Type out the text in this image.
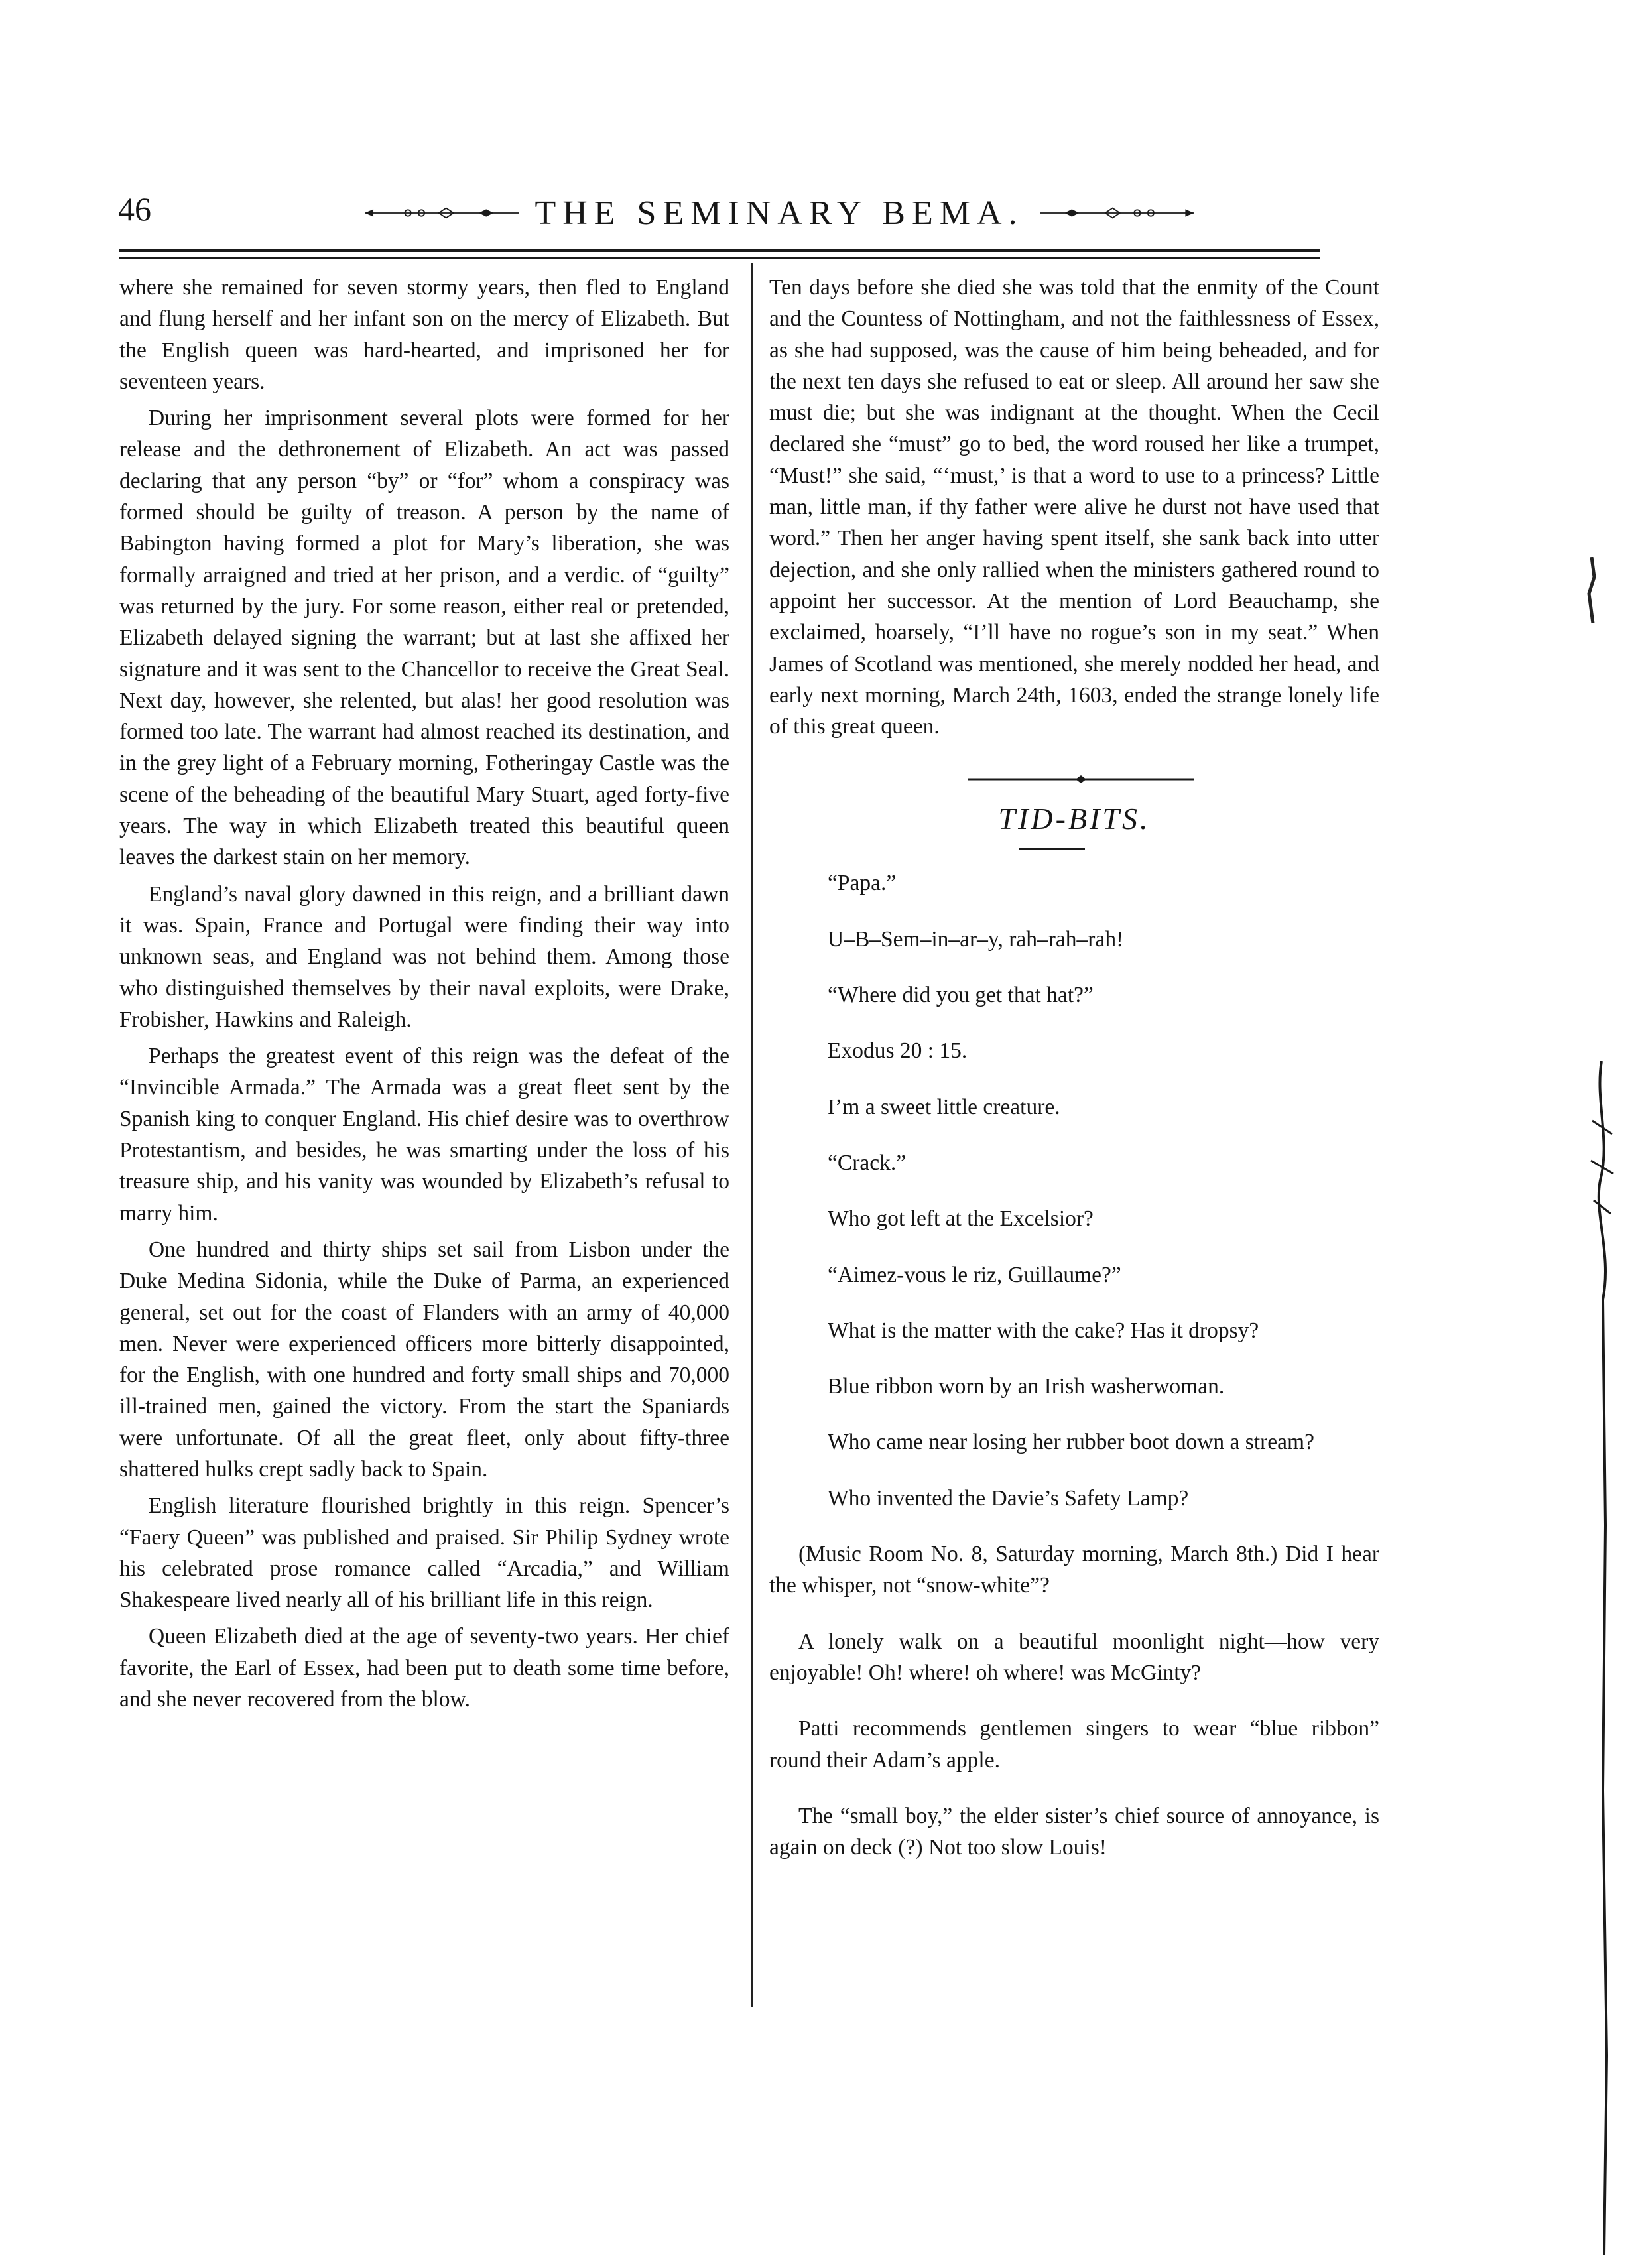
46	THE SEMINARY BEMA.

where she remained for seven stormy years, then fled to England and flung herself and her infant son on the mercy of Elizabeth. But the English queen was hard-hearted, and imprisoned her for seventeen years.

During her imprisonment several plots were formed for her release and the dethronement of Elizabeth. An act was passed declaring that any person “by” or “for” whom a conspiracy was formed should be guilty of treason. A person by the name of Babington having formed a plot for Mary’s liberation, she was formally arraigned and tried at her prison, and a verdic. of “guilty” was returned by the jury. For some reason, either real or pretended, Elizabeth delayed signing the warrant; but at last she affixed her signature and it was sent to the Chancellor to receive the Great Seal. Next day, however, she relented, but alas! her good resolution was formed too late. The warrant had almost reached its destination, and in the grey light of a February morning, Fotheringay Castle was the scene of the beheading of the beautiful Mary Stuart, aged forty-five years. The way in which Elizabeth treated this beautiful queen leaves the darkest stain on her memory.

England’s naval glory dawned in this reign, and a brilliant dawn it was. Spain, France and Portugal were finding their way into unknown seas, and England was not behind them. Among those who distinguished themselves by their naval exploits, were Drake, Frobisher, Hawkins and Raleigh.

Perhaps the greatest event of this reign was the defeat of the “Invincible Armada.” The Armada was a great fleet sent by the Spanish king to conquer England. His chief desire was to overthrow Protestantism, and besides, he was smarting under the loss of his treasure ship, and his vanity was wounded by Elizabeth’s refusal to marry him.

One hundred and thirty ships set sail from Lisbon under the Duke Medina Sidonia, while the Duke of Parma, an experienced general, set out for the coast of Flanders with an army of 40,000 men. Never were experienced officers more bitterly disappointed, for the English, with one hundred and forty small ships and 70,000 ill-trained men, gained the victory. From the start the Spaniards were unfortunate. Of all the great fleet, only about fifty-three shattered hulks crept sadly back to Spain.

English literature flourished brightly in this reign. Spencer’s “Faery Queen” was published and praised. Sir Philip Sydney wrote his celebrated prose romance called “Arcadia,” and William Shakespeare lived nearly all of his brilliant life in this reign.

Queen Elizabeth died at the age of seventy-two years. Her chief favorite, the Earl of Essex, had been put to death some time before, and she never recovered from the blow.

Ten days before she died she was told that the enmity of the Count and the Countess of Nottingham, and not the faithlessness of Essex, as she had supposed, was the cause of him being beheaded, and for the next ten days she refused to eat or sleep. All around her saw she must die; but she was indignant at the thought. When the Cecil declared she “must” go to bed, the word roused her like a trumpet, “Must!” she said, “‘must,’ is that a word to use to a princess? Little man, little man, if thy father were alive he durst not have used that word.” Then her anger having spent itself, she sank back into utter dejection, and she only rallied when the ministers gathered round to appoint her successor. At the mention of Lord Beauchamp, she exclaimed, hoarsely, “I’ll have no rogue’s son in my seat.” When James of Scotland was mentioned, she merely nodded her head, and early next morning, March 24th, 1603, ended the strange lonely life of this great queen.

TID-BITS.

“Papa.”

U–B–Sem–in–ar–y, rah–rah–rah!

“Where did you get that hat?”

Exodus 20 : 15.

I’m a sweet little creature.

“Crack.”

Who got left at the Excelsior?

“Aimez-vous le riz, Guillaume?”

What is the matter with the cake? Has it dropsy?

Blue ribbon worn by an Irish washerwoman.

Who came near losing her rubber boot down a stream?

Who invented the Davie’s Safety Lamp?

(Music Room No. 8, Saturday morning, March 8th.) Did I hear the whisper, not “snow-white”?

A lonely walk on a beautiful moonlight night—how very enjoyable! Oh! where! oh where! was McGinty?

Patti recommends gentlemen singers to wear “blue ribbon” round their Adam’s apple.

The “small boy,” the elder sister’s chief source of annoyance, is again on deck (?) Not too slow Louis!
